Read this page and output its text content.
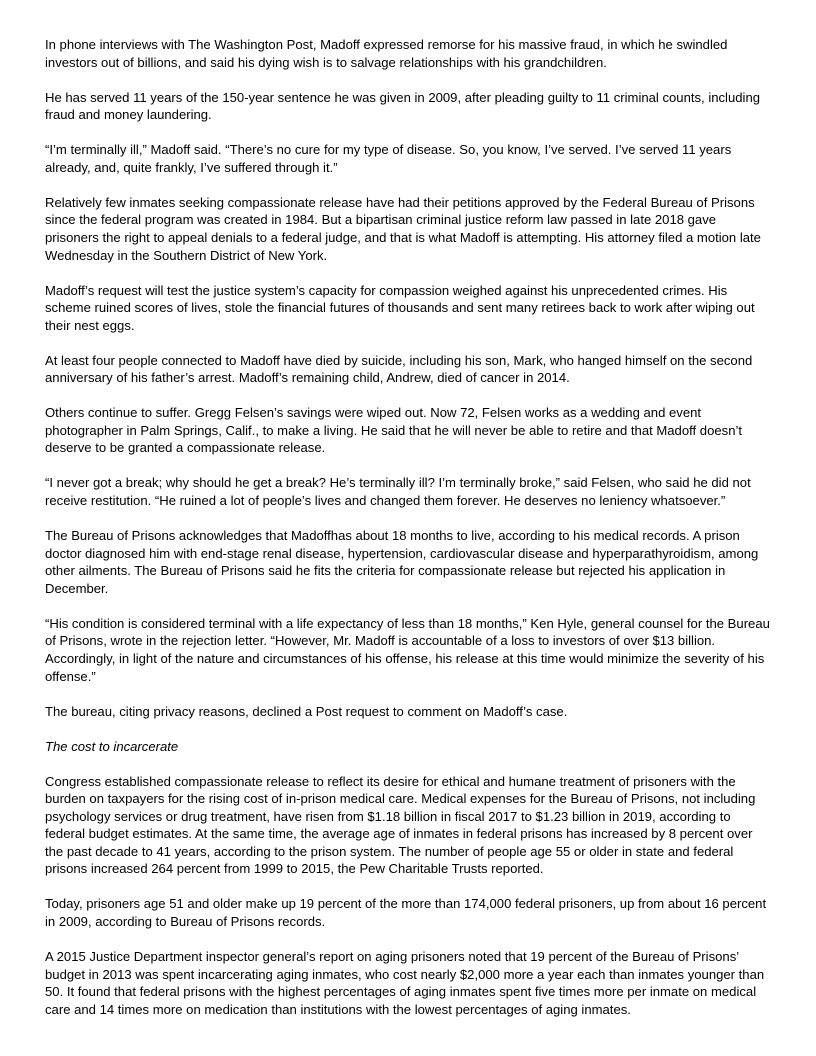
In phone interviews with The Washington Post, Madoff expressed remorse for his massive fraud, in which he swindled investors out of billions, and said his dying wish is to salvage relationships with his grandchildren.

He has served 11 years of the 150-year sentence he was given in 2009, after pleading guilty to 11 criminal counts, including fraud and money laundering.

“I’m terminally ill,” Madoff said. “There’s no cure for my type of disease. So, you know, I’ve served. I’ve served 11 years already, and, quite frankly, I’ve suffered through it.”

Relatively few inmates seeking compassionate release have had their petitions approved by the Federal Bureau of Prisons since the federal program was created in 1984. But a bipartisan criminal justice reform law passed in late 2018 gave prisoners the right to appeal denials to a federal judge, and that is what Madoff is attempting. His attorney filed a motion late Wednesday in the Southern District of New York.

Madoff’s request will test the justice system’s capacity for compassion weighed against his unprecedented crimes. His scheme ruined scores of lives, stole the financial futures of thousands and sent many retirees back to work after wiping out their nest eggs.

At least four people connected to Madoff have died by suicide, including his son, Mark, who hanged himself on the second anniversary of his father’s arrest. Madoff’s remaining child, Andrew, died of cancer in 2014.

Others continue to suffer. Gregg Felsen’s savings were wiped out. Now 72, Felsen works as a wedding and event photographer in Palm Springs, Calif., to make a living. He said that he will never be able to retire and that Madoff doesn’t deserve to be granted a compassionate release.

“I never got a break; why should he get a break? He’s terminally ill? I’m terminally broke,” said Felsen, who said he did not receive restitution. “He ruined a lot of people’s lives and changed them forever. He deserves no leniency whatsoever.”

The Bureau of Prisons acknowledges that Madoffhas about 18 months to live, according to his medical records. A prison doctor diagnosed him with end-stage renal disease, hypertension, cardiovascular disease and hyperparathyroidism, among other ailments. The Bureau of Prisons said he fits the criteria for compassionate release but rejected his application in December.

“His condition is considered terminal with a life expectancy of less than 18 months,” Ken Hyle, general counsel for the Bureau of Prisons, wrote in the rejection letter. “However, Mr. Madoff is accountable of a loss to investors of over $13 billion. Accordingly, in light of the nature and circumstances of his offense, his release at this time would minimize the severity of his offense.”

The bureau, citing privacy reasons, declined a Post request to comment on Madoff’s case.

The cost to incarcerate

Congress established compassionate release to reflect its desire for ethical and humane treatment of prisoners with the burden on taxpayers for the rising cost of in-prison medical care. Medical expenses for the Bureau of Prisons, not including psychology services or drug treatment, have risen from $1.18 billion in fiscal 2017 to $1.23 billion in 2019, according to federal budget estimates. At the same time, the average age of inmates in federal prisons has increased by 8 percent over the past decade to 41 years, according to the prison system. The number of people age 55 or older in state and federal prisons increased 264 percent from 1999 to 2015, the Pew Charitable Trusts reported.

Today, prisoners age 51 and older make up 19 percent of the more than 174,000 federal prisoners, up from about 16 percent in 2009, according to Bureau of Prisons records.

A 2015 Justice Department inspector general’s report on aging prisoners noted that 19 percent of the Bureau of Prisons’ budget in 2013 was spent incarcerating aging inmates, who cost nearly $2,000 more a year each than inmates younger than 50. It found that federal prisons with the highest percentages of aging inmates spent five times more per inmate on medical care and 14 times more on medication than institutions with the lowest percentages of aging inmates.
